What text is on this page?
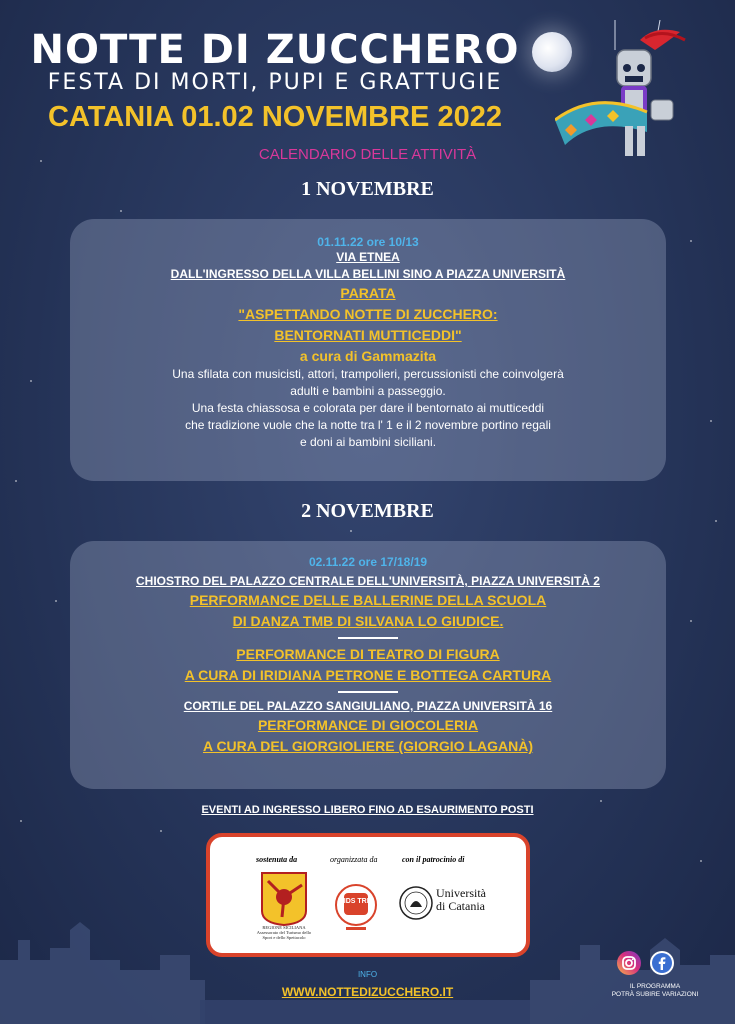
NOTTE DI ZUCCHERO
FESTA DI MORTI, PUPI E GRATTUGIE
CATANIA 01.02 NOVEMBRE 2022
CALENDARIO DELLE ATTIVITÀ
1 NOVEMBRE
01.11.22 ore 10/13
VIA ETNEA
DALL'INGRESSO DELLA VILLA BELLINI SINO A PIAZZA UNIVERSITÀ
PARATA
"ASPETTANDO NOTTE DI ZUCCHERO:
BENTORNATI MUTTICEDDI"
a cura di Gammazita
Una sfilata con musicisti, attori, trampolieri, percussionisti che coinvolgerà
adulti e bambini a passeggio.
Una festa chiassosa e colorata per dare il bentornato ai mutticeddi
che tradizione vuole che la notte tra l' 1 e il 2 novembre portino regali
e doni ai bambini siciliani.
2 NOVEMBRE
02.11.22 ore 17/18/19
CHIOSTRO DEL PALAZZO CENTRALE DELL'UNIVERSITÀ, PIAZZA UNIVERSITÀ 2
PERFORMANCE DELLE BALLERINE DELLA SCUOLA
DI DANZA TMB DI SILVANA LO GIUDICE.
PERFORMANCE DI TEATRO DI FIGURA
A CURA DI IRIDIANA PETRONE E BOTTEGA CARTURA
CORTILE DEL PALAZZO SANGIULIANO, PIAZZA UNIVERSITÀ 16
PERFORMANCE DI GIOCOLERIA
A CURA DEL GIORGIOLIERE (GIORGIO LAGANÀ)
EVENTI AD INGRESSO LIBERO FINO AD ESAURIMENTO POSTI
sostenuta da	organizzata da	con il patrocinio di
REGIONE SICILIANA Assessorato del Turismo dello Sport e dello Spettacolo
KIDS TRIP
Università
di Catania
INFO
WWW.NOTTEDIZUCCHERO.IT	IL PROGRAMMA
POTRÀ SUBIRE VARIAZIONI
